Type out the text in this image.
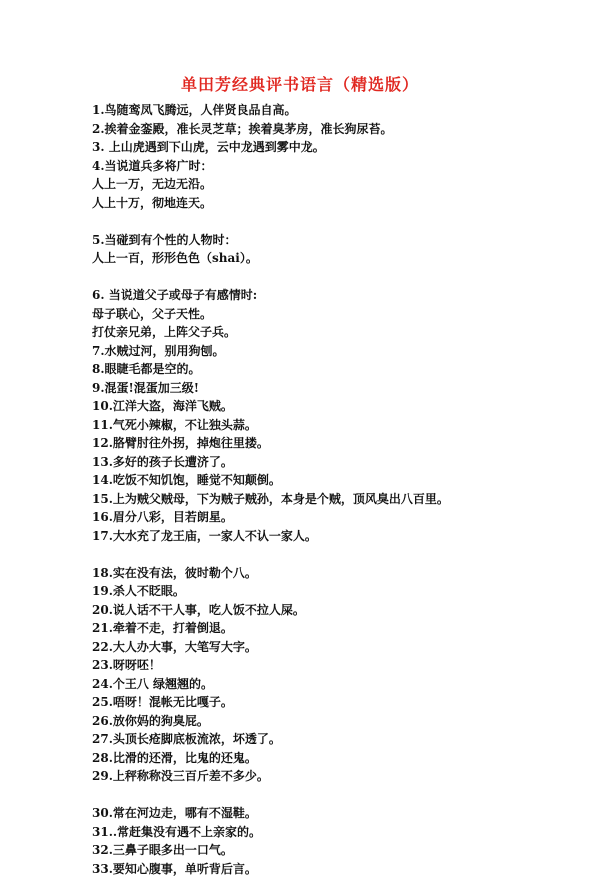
单田芳经典评书语言（精选版）
1.鸟随鸾凤飞腾远，人伴贤良品自高。
2.挨着金銮殿，准长灵芝草；挨着臭茅房，准长狗尿苔。
3. 上山虎遇到下山虎，云中龙遇到雾中龙。
4.当说道兵多将广时：
人上一万，无边无沿。
人上十万，彻地连天。
5.当碰到有个性的人物时：
人上一百，形形色色（shai）。
6. 当说道父子或母子有感情时:
母子联心，父子天性。
打仗亲兄弟，上阵父子兵。
7.水贼过河，别用狗刨。
8.眼睫毛都是空的。
9.混蛋!混蛋加三级!
10.江洋大盗，海洋飞贼。
11.气死小辣椒，不让独头蒜。
12.胳臂肘往外拐，掉炮往里搂。
13.多好的孩子长遭济了。
14.吃饭不知饥饱，睡觉不知颠倒。
15.上为贼父贼母，下为贼子贼孙，本身是个贼，顶风臭出八百里。
16.眉分八彩，目若朗星。
17.大水充了龙王庙，一家人不认一家人。
18.实在没有法，彼时勒个八。
19.杀人不眨眼。
20.说人话不干人事，吃人饭不拉人屎。
21.牵着不走，打着倒退。
22.大人办大事，大笔写大字。
23.呀呀呸！
24.个王八 绿翘翘的。
25.唔呀！混帐无比嘎子。
26.放你妈的狗臭屁。
27.头顶长疮脚底板流浓，坏透了。
28.比滑的还滑，比鬼的还鬼。
29.上秤称称没三百斤差不多少。
30.常在河边走，哪有不湿鞋。
31..常赶集没有遇不上亲家的。
32.三鼻子眼多出一口气。
33.要知心腹事，单听背后言。
